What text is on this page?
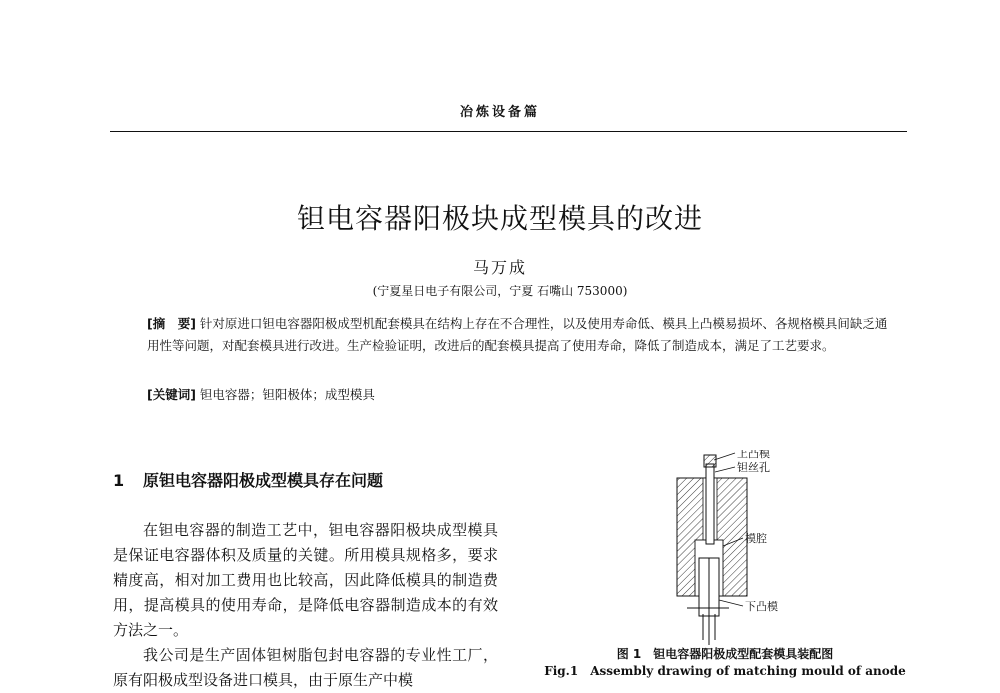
冶炼设备篇
钽电容器阳极块成型模具的改进
马万成
(宁夏星日电子有限公司，宁夏 石嘴山 753000)
[摘　要] 针对原进口钽电容器阳极成型机配套模具在结构上存在不合理性，以及使用寿命低、模具上凸模易损坏、各规格模具间缺乏通用性等问题，对配套模具进行改进。生产检验证明，改进后的配套模具提高了使用寿命，降低了制造成本，满足了工艺要求。
[关键词] 钽电容器；钽阳极体；成型模具
1 原钽电容器阳极成型模具存在问题

在钽电容器的制造工艺中，钽电容器阳极块成型模具是保证电容器体积及质量的关键。所用模具规格多，要求精度高，相对加工费用也比较高，因此降低模具的制造费用，提高模具的使用寿命，是降低电容器制造成本的有效方法之一。

我公司是生产固体钽树脂包封电容器的专业性工厂，原有阳极成型设备进口模具，由于原生产中模

上凸模
钽丝孔
模腔
下凸模
图 1　钽电容器阳极成型配套模具装配图
Fig.1　Assembly drawing of matching mould of anode
